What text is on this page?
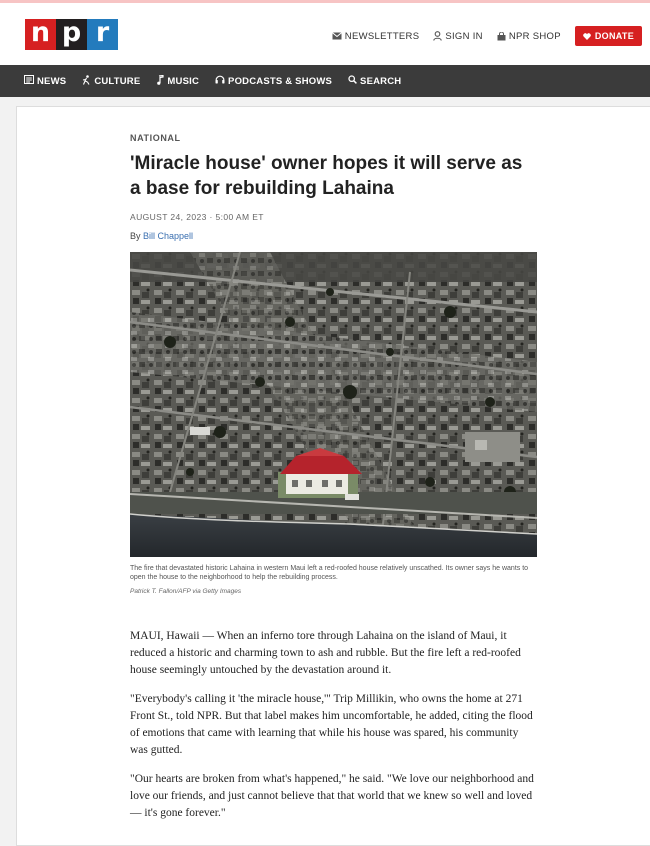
n p r	NEWSLETTERS	SIGN IN	NPR SHOP	DONATE
NEWS	CULTURE	MUSIC	PODCASTS & SHOWS	SEARCH
NATIONAL
'Miracle house' owner hopes it will serve as a base for rebuilding Lahaina
AUGUST 24, 2023 · 5:00 AM ET
By Bill Chappell
The fire that devastated historic Lahaina in western Maui left a red-roofed house relatively unscathed. Its owner says he wants to open the house to the neighborhood to help the rebuilding process.
Patrick T. Fallon/AFP via Getty Images

MAUI, Hawaii — When an inferno tore through Lahaina on the island of Maui, it reduced a historic and charming town to ash and rubble. But the fire left a red-roofed house seemingly untouched by the devastation around it.

"Everybody's calling it 'the miracle house,'" Trip Millikin, who owns the home at 271 Front St., told NPR. But that label makes him uncomfortable, he added, citing the flood of emotions that came with learning that while his house was spared, his community was gutted.

"Our hearts are broken from what's happened," he said. "We love our neighborhood and love our friends, and just cannot believe that that world that we knew so well and loved — it's gone forever."
